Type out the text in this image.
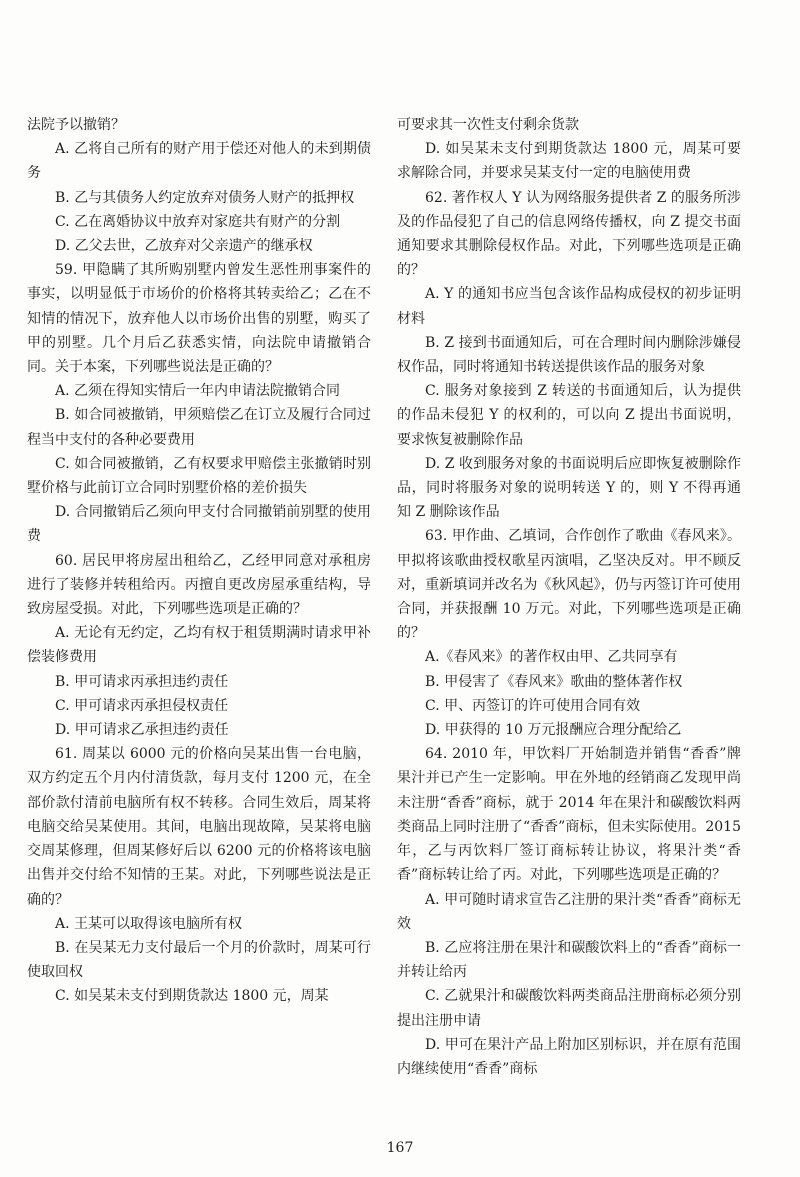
法院予以撤销？

A. 乙将自己所有的财产用于偿还对他人的未到期债务

B. 乙与其债务人约定放弃对债务人财产的抵押权

C. 乙在离婚协议中放弃对家庭共有财产的分割

D. 乙父去世，乙放弃对父亲遗产的继承权

59. 甲隐瞒了其所购别墅内曾发生恶性刑事案件的事实，以明显低于市场价的价格将其转卖给乙；乙在不知情的情况下，放弃他人以市场价出售的别墅，购买了甲的别墅。几个月后乙获悉实情，向法院申请撤销合同。关于本案，下列哪些说法是正确的？

A. 乙须在得知实情后一年内申请法院撤销合同

B. 如合同被撤销，甲须赔偿乙在订立及履行合同过程当中支付的各种必要费用

C. 如合同被撤销，乙有权要求甲赔偿主张撤销时别墅价格与此前订立合同时别墅价格的差价损失

D. 合同撤销后乙须向甲支付合同撤销前别墅的使用费

60. 居民甲将房屋出租给乙，乙经甲同意对承租房进行了装修并转租给丙。丙擅自更改房屋承重结构，导致房屋受损。对此，下列哪些选项是正确的？

A. 无论有无约定，乙均有权于租赁期满时请求甲补偿装修费用

B. 甲可请求丙承担违约责任

C. 甲可请求丙承担侵权责任

D. 甲可请求乙承担违约责任

61. 周某以 6000 元的价格向吴某出售一台电脑，双方约定五个月内付清货款，每月支付 1200 元，在全部价款付清前电脑所有权不转移。合同生效后，周某将电脑交给吴某使用。其间，电脑出现故障，吴某将电脑交周某修理，但周某修好后以 6200 元的价格将该电脑出售并交付给不知情的王某。对此，下列哪些说法是正确的？

A. 王某可以取得该电脑所有权

B. 在吴某无力支付最后一个月的价款时，周某可行使取回权

C. 如吴某未支付到期货款达 1800 元，周某

可要求其一次性支付剩余货款

D. 如吴某未支付到期货款达 1800 元，周某可要求解除合同，并要求吴某支付一定的电脑使用费

62. 著作权人 Y 认为网络服务提供者 Z 的服务所涉及的作品侵犯了自己的信息网络传播权，向 Z 提交书面通知要求其删除侵权作品。对此，下列哪些选项是正确的？

A. Y 的通知书应当包含该作品构成侵权的初步证明材料

B. Z 接到书面通知后，可在合理时间内删除涉嫌侵权作品，同时将通知书转送提供该作品的服务对象

C. 服务对象接到 Z 转送的书面通知后，认为提供的作品未侵犯 Y 的权利的，可以向 Z 提出书面说明，要求恢复被删除作品

D. Z 收到服务对象的书面说明后应即恢复被删除作品，同时将服务对象的说明转送 Y 的，则 Y 不得再通知 Z 删除该作品

63. 甲作曲、乙填词，合作创作了歌曲《春风来》。甲拟将该歌曲授权歌星丙演唱，乙坚决反对。甲不顾反对，重新填词并改名为《秋风起》，仍与丙签订许可使用合同，并获报酬 10 万元。对此，下列哪些选项是正确的？

A.《春风来》的著作权由甲、乙共同享有

B. 甲侵害了《春风来》歌曲的整体著作权

C. 甲、丙签订的许可使用合同有效

D. 甲获得的 10 万元报酬应合理分配给乙

64. 2010 年，甲饮料厂开始制造并销售“香香”牌果汁并已产生一定影响。甲在外地的经销商乙发现甲尚未注册“香香”商标，就于 2014 年在果汁和碳酸饮料两类商品上同时注册了“香香”商标，但未实际使用。2015 年，乙与丙饮料厂签订商标转让协议，将果汁类“香香”商标转让给了丙。对此，下列哪些选项是正确的？

A. 甲可随时请求宣告乙注册的果汁类“香香”商标无效

B. 乙应将注册在果汁和碳酸饮料上的“香香”商标一并转让给丙

C. 乙就果汁和碳酸饮料两类商品注册商标必须分别提出注册申请

D. 甲可在果汁产品上附加区别标识，并在原有范围内继续使用“香香”商标

167
